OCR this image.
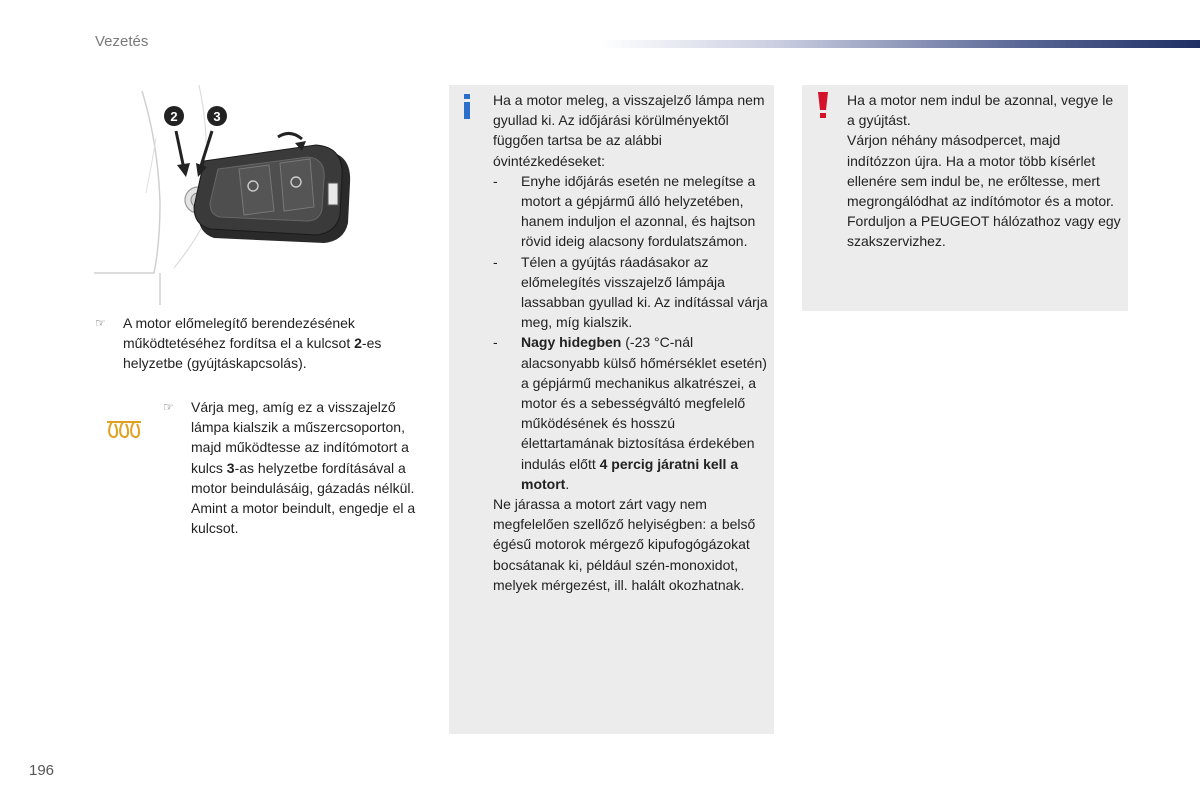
Vezetés
2	3
☞	A motor előmelegítő berendezésének működtetéséhez fordítsa el a kulcsot 2-es helyzetbe (gyújtáskapcsolás).
☞	Várja meg, amíg ez a visszajelző lámpa kialszik a műszercsoporton, majd működtesse az indítómotort a kulcs 3-as helyzetbe fordításával a motor beindulásáig, gázadás nélkül. Amint a motor beindult, engedje el a kulcsot.
Ha a motor meleg, a visszajelző lámpa nem gyullad ki. Az időjárási körülményektől függően tartsa be az alábbi óvintézkedéseket:
-	Enyhe időjárás esetén ne melegítse a motort a gépjármű álló helyzetében, hanem induljon el azonnal, és hajtson rövid ideig alacsony fordulatszámon.
-	Télen a gyújtás ráadásakor az előmelegítés visszajelző lámpája lassabban gyullad ki. Az indítással várja meg, míg kialszik.
-	Nagy hidegben (-23 °C-nál alacsonyabb külső hőmérséklet esetén) a gépjármű mechanikus alkatrészei, a motor és a sebességváltó megfelelő működésének és hosszú élettartamának biztosítása érdekében indulás előtt 4 percig járatni kell a motort.
Ne járassa a motort zárt vagy nem megfelelően szellőző helyiségben: a belső égésű motorok mérgező kipufogógázokat bocsátanak ki, például szén-monoxidot, melyek mérgezést, ill. halált okozhatnak.
Ha a motor nem indul be azonnal, vegye le a gyújtást.
Várjon néhány másodpercet, majd indítózzon újra. Ha a motor több kísérlet ellenére sem indul be, ne erőltesse, mert megrongálódhat az indítómotor és a motor.
Forduljon a PEUGEOT hálózathoz vagy egy szakszervizhez.
196
